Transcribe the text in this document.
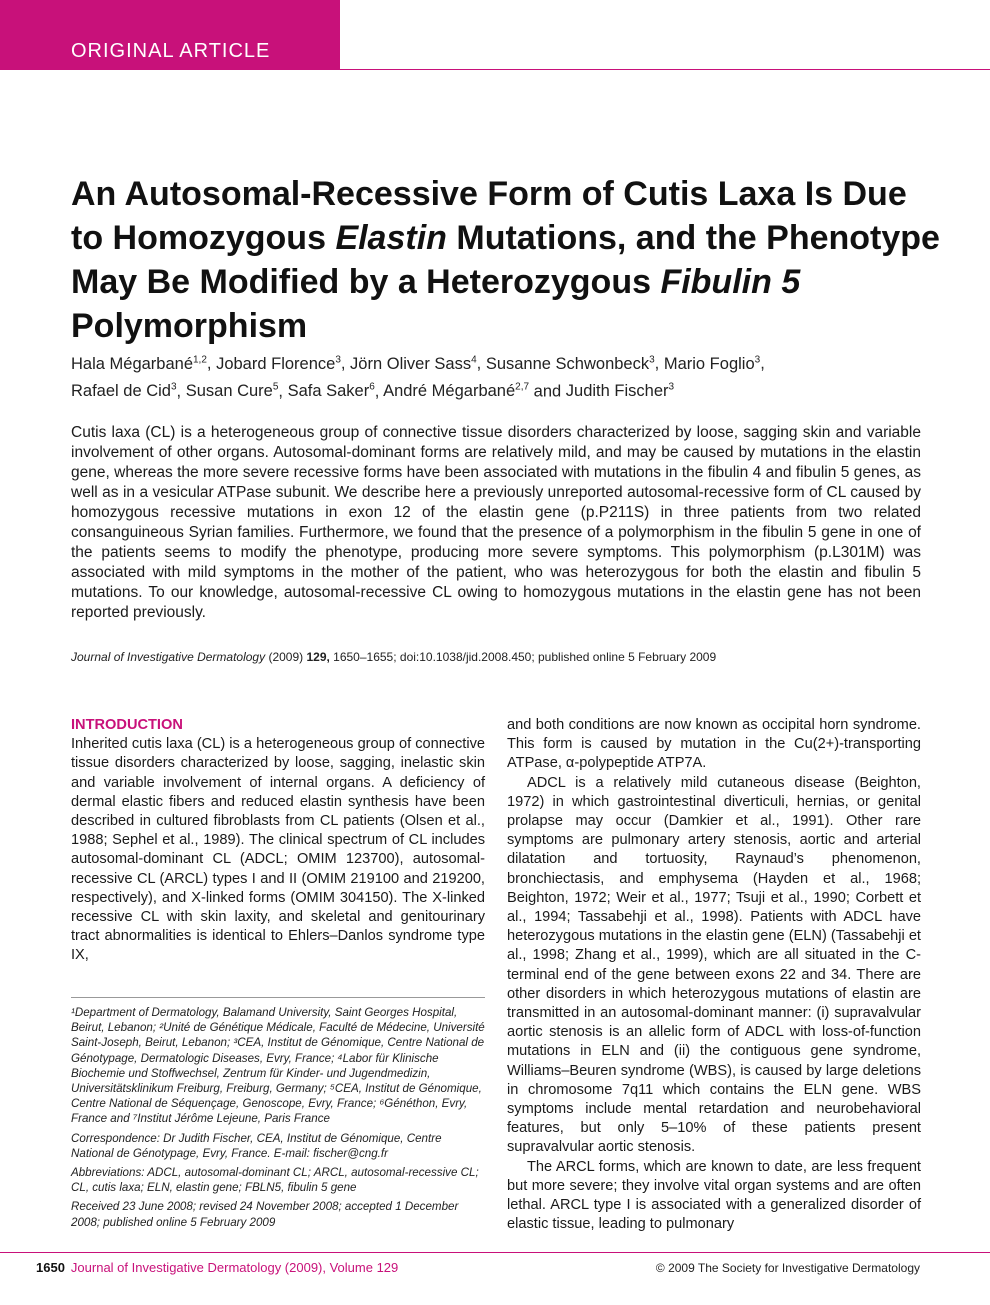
ORIGINAL ARTICLE
An Autosomal-Recessive Form of Cutis Laxa Is Due to Homozygous Elastin Mutations, and the Phenotype May Be Modified by a Heterozygous Fibulin 5 Polymorphism
Hala Mégarbané$^{1,2}$, Jobard Florence$^3$, Jörn Oliver Sass$^4$, Susanne Schwonbeck$^3$, Mario Foglio$^3$,
Rafael de Cid$^3$, Susan Cure$^5$, Safa Saker$^6$, André Mégarbané$^{2,7}$ and Judith Fischer$^3$
Cutis laxa (CL) is a heterogeneous group of connective tissue disorders characterized by loose, sagging skin and variable involvement of other organs. Autosomal-dominant forms are relatively mild, and may be caused by mutations in the elastin gene, whereas the more severe recessive forms have been associated with mutations in the fibulin 4 and fibulin 5 genes, as well as in a vesicular ATPase subunit. We describe here a previously unreported autosomal-recessive form of CL caused by homozygous recessive mutations in exon 12 of the elastin gene (p.P211S) in three patients from two related consanguineous Syrian families. Furthermore, we found that the presence of a polymorphism in the fibulin 5 gene in one of the patients seems to modify the phenotype, producing more severe symptoms. This polymorphism (p.L301M) was associated with mild symptoms in the mother of the patient, who was heterozygous for both the elastin and fibulin 5 mutations. To our knowledge, autosomal-recessive CL owing to homozygous mutations in the elastin gene has not been reported previously.
Journal of Investigative Dermatology (2009) 129, 1650–1655; doi:10.1038/jid.2008.450; published online 5 February 2009

INTRODUCTION

Inherited cutis laxa (CL) is a heterogeneous group of connective tissue disorders characterized by loose, sagging, inelastic skin and variable involvement of internal organs. A deficiency of dermal elastic fibers and reduced elastin synthesis have been described in cultured fibroblasts from CL patients (Olsen et al., 1988; Sephel et al., 1989). The clinical spectrum of CL includes autosomal-dominant CL (ADCL; OMIM 123700), autosomal-recessive CL (ARCL) types I and II (OMIM 219100 and 219200, respectively), and X-linked forms (OMIM 304150). The X-linked recessive CL with skin laxity, and skeletal and genitourinary tract abnormalities is identical to Ehlers–Danlos syndrome type IX,

¹Department of Dermatology, Balamand University, Saint Georges Hospital, Beirut, Lebanon; ²Unité de Génétique Médicale, Faculté de Médecine, Université Saint-Joseph, Beirut, Lebanon; ³CEA, Institut de Génomique, Centre National de Génotypage, Dermatologic Diseases, Evry, France; ⁴Labor für Klinische Biochemie und Stoffwechsel, Zentrum für Kinder- und Jugendmedizin, Universitätsklinikum Freiburg, Freiburg, Germany; ⁵CEA, Institut de Génomique, Centre National de Séquençage, Genoscope, Evry, France; ⁶Généthon, Evry, France and ⁷Institut Jérôme Lejeune, Paris France

Correspondence: Dr Judith Fischer, CEA, Institut de Génomique, Centre National de Génotypage, Evry, France. E-mail: fischer@cng.fr

Abbreviations: ADCL, autosomal-dominant CL; ARCL, autosomal-recessive CL; CL, cutis laxa; ELN, elastin gene; FBLN5, fibulin 5 gene

Received 23 June 2008; revised 24 November 2008; accepted 1 December 2008; published online 5 February 2009

and both conditions are now known as occipital horn syndrome. This form is caused by mutation in the Cu(2+)-transporting ATPase, α-polypeptide ATP7A.

ADCL is a relatively mild cutaneous disease (Beighton, 1972) in which gastrointestinal diverticuli, hernias, or genital prolapse may occur (Damkier et al., 1991). Other rare symptoms are pulmonary artery stenosis, aortic and arterial dilatation and tortuosity, Raynaud’s phenomenon, bronchiectasis, and emphysema (Hayden et al., 1968; Beighton, 1972; Weir et al., 1977; Tsuji et al., 1990; Corbett et al., 1994; Tassabehji et al., 1998). Patients with ADCL have heterozygous mutations in the elastin gene (ELN) (Tassabehji et al., 1998; Zhang et al., 1999), which are all situated in the C-terminal end of the gene between exons 22 and 34. There are other disorders in which heterozygous mutations of elastin are transmitted in an autosomal-dominant manner: (i) supravalvular aortic stenosis is an allelic form of ADCL with loss-of-function mutations in ELN and (ii) the contiguous gene syndrome, Williams–Beuren syndrome (WBS), is caused by large deletions in chromosome 7q11 which contains the ELN gene. WBS symptoms include mental retardation and neurobehavioral features, but only 5–10% of these patients present supravalvular aortic stenosis.

The ARCL forms, which are known to date, are less frequent but more severe; they involve vital organ systems and are often lethal. ARCL type I is associated with a generalized disorder of elastic tissue, leading to pulmonary

1650 Journal of Investigative Dermatology (2009), Volume 129	© 2009 The Society for Investigative Dermatology
